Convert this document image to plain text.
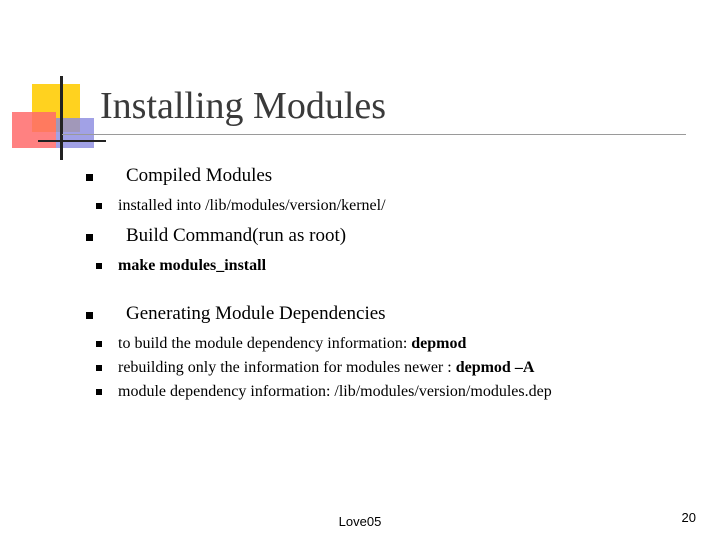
Installing Modules
Compiled Modules
installed into /lib/modules/version/kernel/
Build Command(run as root)
make modules_install
Generating Module Dependencies
to build the module dependency information: depmod
rebuilding only the information for modules newer : depmod –A
module dependency information: /lib/modules/version/modules.dep
Love05	20
